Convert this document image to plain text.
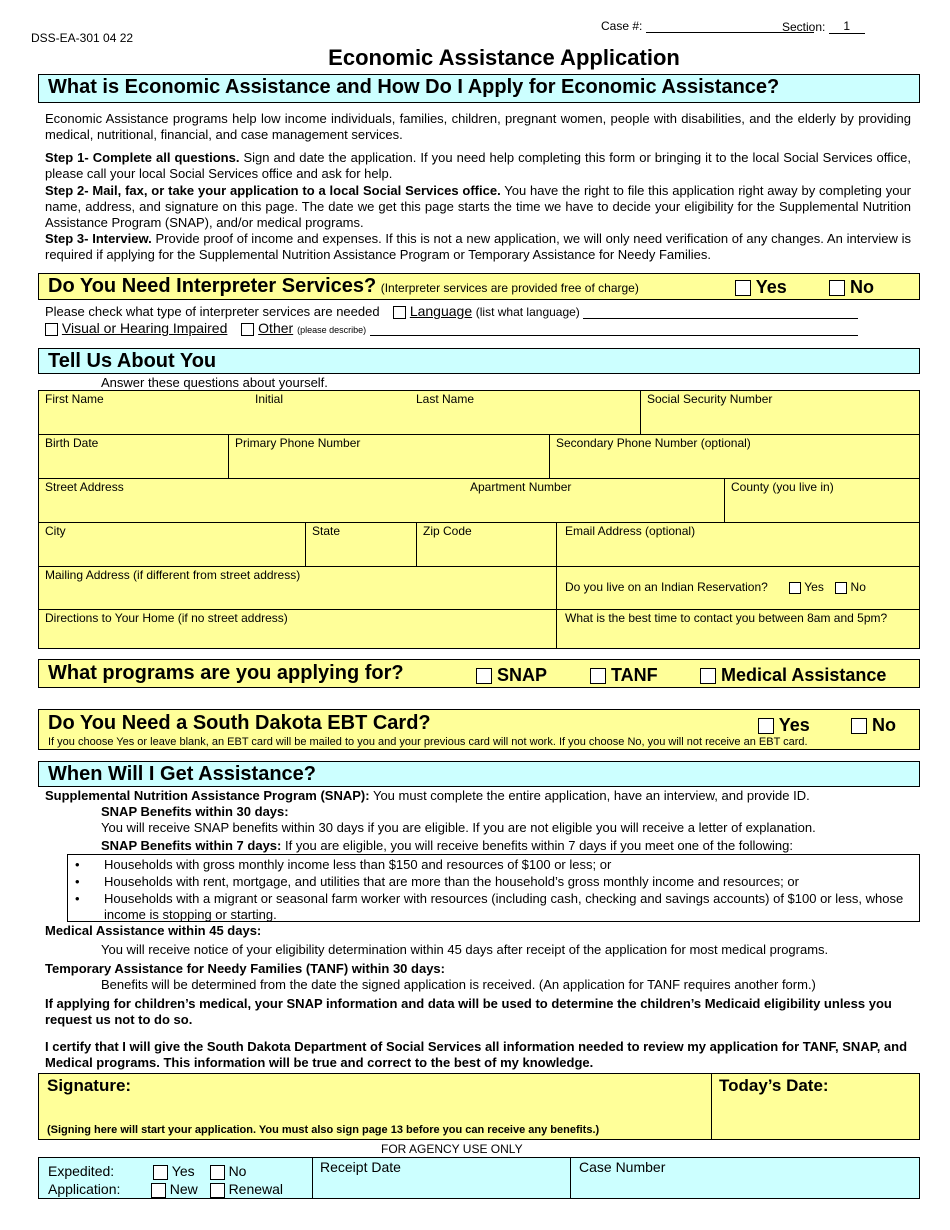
DSS-EA-301 04 22
Case #:	Section: 1
Economic Assistance Application
What is Economic Assistance and How Do I Apply for Economic Assistance?
Economic Assistance programs help low income individuals, families, children, pregnant women, people with disabilities, and the elderly by providing medical, nutritional, financial, and case management services.
Step 1- Complete all questions. Sign and date the application. If you need help completing this form or bringing it to the local Social Services office, please call your local Social Services office and ask for help.
Step 2- Mail, fax, or take your application to a local Social Services office. You have the right to file this application right away by completing your name, address, and signature on this page. The date we get this page starts the time we have to decide your eligibility for the Supplemental Nutrition Assistance Program (SNAP), and/or medical programs.
Step 3- Interview. Provide proof of income and expenses. If this is not a new application, we will only need verification of any changes. An interview is required if applying for the Supplemental Nutrition Assistance Program or Temporary Assistance for Needy Families.
Do You Need Interpreter Services? (Interpreter services are provided free of charge)	Yes	No
Please check what type of interpreter services are needed Language (list what language)
Visual or Hearing Impaired Other (please describe)
Tell Us About You
Answer these questions about yourself.
First Name	Initial	Last Name	Social Security Number
Birth Date	Primary Phone Number	Secondary Phone Number (optional)
Street Address	Apartment Number	County (you live in)
City	State	Zip Code	Email Address (optional)
Mailing Address (if different from street address)
Do you live on an Indian Reservation?	Yes No
Directions to Your Home (if no street address)	What is the best time to contact you between 8am and 5pm?
What programs are you applying for?	SNAP	TANF	Medical Assistance
Do You Need a South Dakota EBT Card?	Yes	No
If you choose Yes or leave blank, an EBT card will be mailed to you and your previous card will not work. If you choose No, you will not receive an EBT card.
When Will I Get Assistance?
Supplemental Nutrition Assistance Program (SNAP): You must complete the entire application, have an interview, and provide ID.
SNAP Benefits within 30 days:
You will receive SNAP benefits within 30 days if you are eligible. If you are not eligible you will receive a letter of explanation.
SNAP Benefits within 7 days: If you are eligible, you will receive benefits within 7 days if you meet one of the following:
• Households with gross monthly income less than $150 and resources of $100 or less; or
• Households with rent, mortgage, and utilities that are more than the household’s gross monthly income and resources; or
• Households with a migrant or seasonal farm worker with resources (including cash, checking and savings accounts) of $100 or less, whose income is stopping or starting.
Medical Assistance within 45 days:
You will receive notice of your eligibility determination within 45 days after receipt of the application for most medical programs.
Temporary Assistance for Needy Families (TANF) within 30 days:
Benefits will be determined from the date the signed application is received. (An application for TANF requires another form.)
If applying for children’s medical, your SNAP information and data will be used to determine the children’s Medicaid eligibility unless you request us not to do so.
I certify that I will give the South Dakota Department of Social Services all information needed to review my application for TANF, SNAP, and Medical programs. This information will be true and correct to the best of my knowledge.
Signature:
(Signing here will start your application. You must also sign page 13 before you can receive any benefits.)
Today’s Date:
FOR AGENCY USE ONLY
Expedited:	Yes No
Application:	New Renewal
Receipt Date	Case Number
